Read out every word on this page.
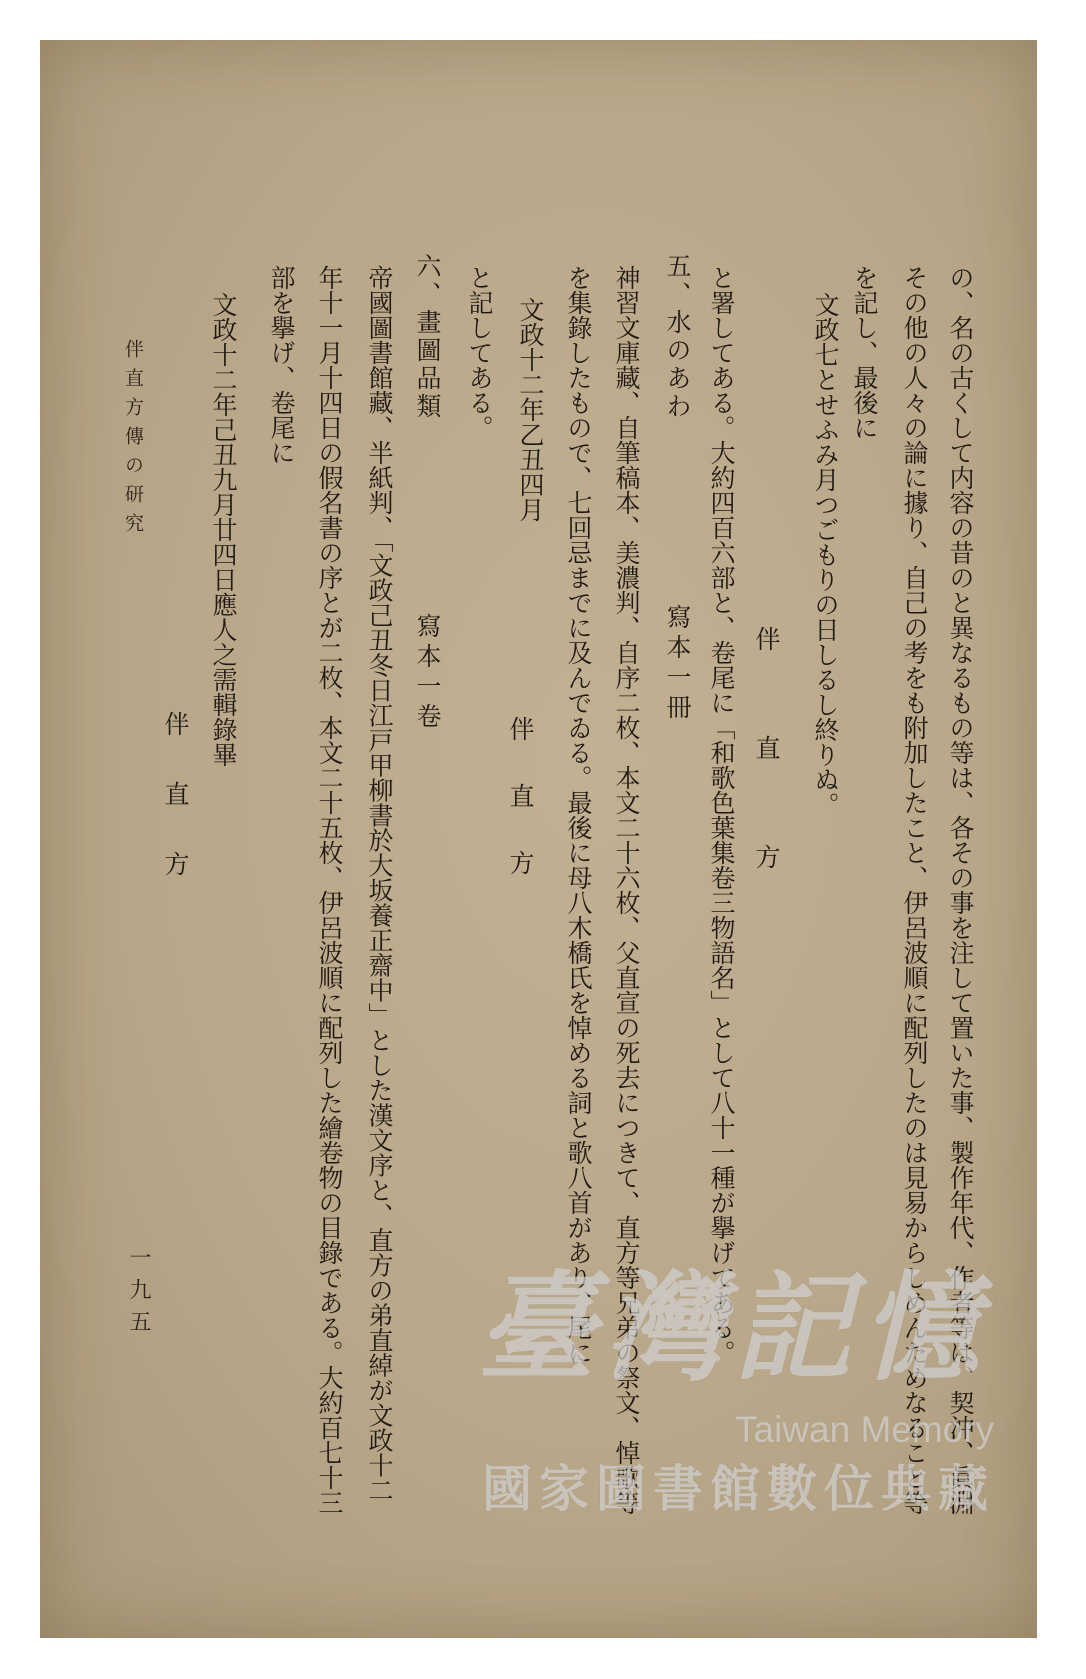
の、名の古くして内容の昔のと異なるもの等は、各その事を注して置いた事、製作年代、作者等は、契沖、眞淵
その他の人々の論に據り、自己の考をも附加したこと、伊呂波順に配列したのは見易からしめんためなること等
を記し、最後に
文政七とせふみ月つごもりの日しるし終りぬ。
伴直方
と署してある。大約四百六部と、卷尾に「和歌色葉集卷三物語名」として八十一種が擧げてある。
五、水のあわ
寫本一冊
神習文庫藏、自筆稿本、美濃判、自序二枚、本文二十六枚、父直宣の死去につきて、直方等兄弟の祭文、悼歌等
を集錄したもので、七回忌までに及んでゐる。最後に母八木橋氏を悼める詞と歌八首があり、尾に
文政十二年乙丑四月
伴直方
と記してある。
六、畫圖品類
寫本一卷
帝國圖書館藏、半紙判、「文政己丑冬日江戸甲柳書於大坂養正齋中」とした漢文序と、直方の弟直綽が文政十二
年十一月十四日の假名書の序とが二枚、本文二十五枚、伊呂波順に配列した繪卷物の目錄である。大約百七十三
部を擧げ、卷尾に
文政十二年己丑九月廿四日應人之需輯錄畢
伴直方
伴直方傳の研究
一九五	臺灣記憶
Taiwan Memory
國家圖書館數位典藏
